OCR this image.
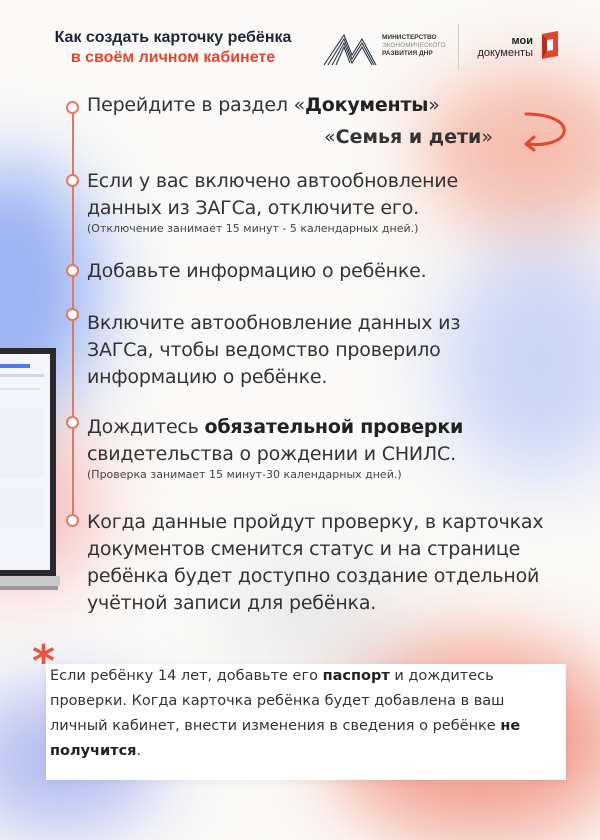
Как создать карточку ребёнка
в своём личном кабинете
МИНИСТЕРСТВО
ЭКОНОМИЧЕСКОГО
РАЗВИТИЯ ДНР
мои
документы

Перейдите в раздел «Документы»

«Семья и дети»

Если у вас включено автообновление данных из ЗАГСа, отключите его.
(Отключение занимает 15 минут - 5 календарных дней.)

Добавьте информацию о ребёнке.

Включите автообновление данных из ЗАГСа, чтобы ведомство проверило информацию о ребёнке.

Дождитесь обязательной проверки свидетельства о рождении и СНИЛС.
(Проверка занимает 15 минут-30 календарных дней.)

Когда данные пройдут проверку, в карточках документов сменится статус и на странице ребёнка будет доступно создание отдельной учётной записи для ребёнка.

*

Если ребёнку 14 лет, добавьте его паспорт и дождитесь проверки. Когда карточка ребёнка будет добавлена в ваш личный кабинет, внести изменения в сведения о ребёнке не получится.
